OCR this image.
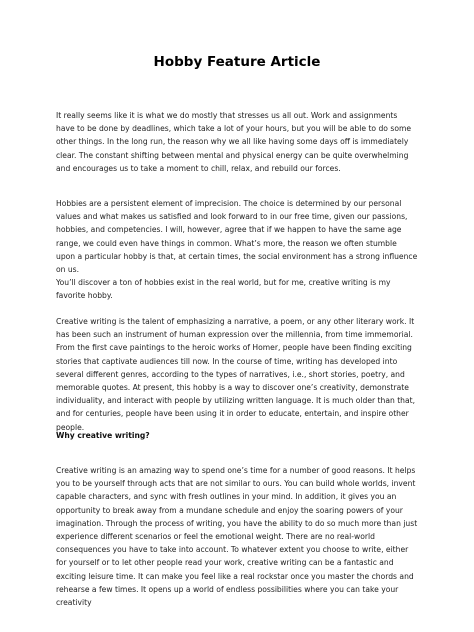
Hobby Feature Article

It really seems like it is what we do mostly that stresses us all out. Work and assignments have to be done by deadlines, which take a lot of your hours, but you will be able to do some other things. In the long run, the reason why we all like having some days off is immediately clear. The constant shifting between mental and physical energy can be quite overwhelming and encourages us to take a moment to chill, relax, and rebuild our forces.

Hobbies are a persistent element of imprecision. The choice is determined by our personal values and what makes us satisfied and look forward to in our free time, given our passions, hobbies, and competencies. I will, however, agree that if we happen to have the same age range, we could even have things in common. What’s more, the reason we often stumble upon a particular hobby is that, at certain times, the social environment has a strong influence on us.

You’ll discover a ton of hobbies exist in the real world, but for me, creative writing is my favorite hobby.

Creative writing is the talent of emphasizing a narrative, a poem, or any other literary work. It has been such an instrument of human expression over the millennia, from time immemorial. From the first cave paintings to the heroic works of Homer, people have been finding exciting stories that captivate audiences till now. In the course of time, writing has developed into several different genres, according to the types of narratives, i.e., short stories, poetry, and memorable quotes. At present, this hobby is a way to discover one’s creativity, demonstrate individuality, and interact with people by utilizing written language. It is much older than that, and for centuries, people have been using it in order to educate, entertain, and inspire other people.

Why creative writing?

Creative writing is an amazing way to spend one’s time for a number of good reasons. It helps you to be yourself through acts that are not similar to ours. You can build whole worlds, invent capable characters, and sync with fresh outlines in your mind. In addition, it gives you an opportunity to break away from a mundane schedule and enjoy the soaring powers of your imagination. Through the process of writing, you have the ability to do so much more than just experience different scenarios or feel the emotional weight. There are no real-world consequences you have to take into account. To whatever extent you choose to write, either for yourself or to let other people read your work, creative writing can be a fantastic and exciting leisure time. It can make you feel like a real rockstar once you master the chords and rehearse a few times. It opens up a world of endless possibilities where you can take your creativity
